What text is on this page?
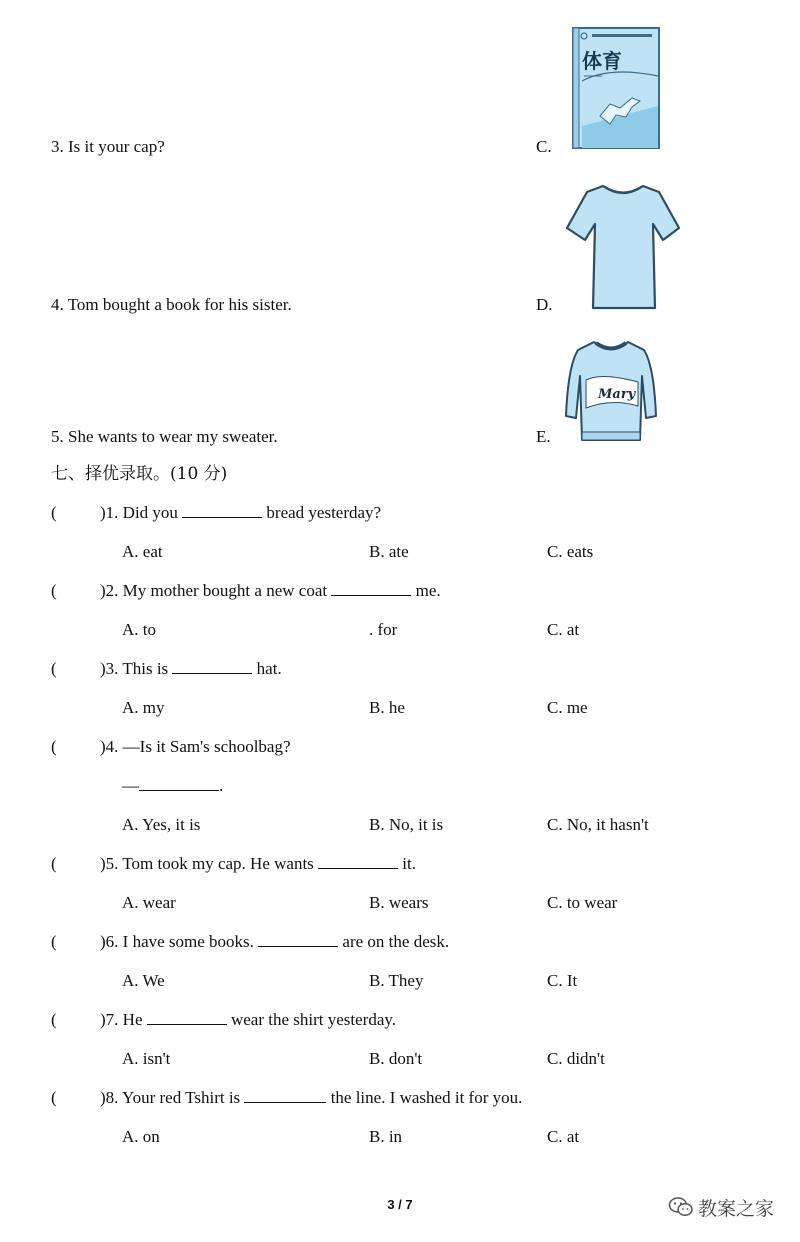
3. Is it your cap?	C.
4. Tom bought a book for his sister.	D.
5. She wants to wear my sweater.	E.
体育
Mary
七、择优录取。(10 分)
(	)1. Did you	bread yesterday?
A. eat	B. ate	C. eats
(	)2. My mother bought a new coat	me.
A. to	. for	C. at
(	)3. This is	hat.
A. my	B. he	C. me
(	)4. —Is it Sam's schoolbag?
—	.
A. Yes, it is	B. No, it is	C. No, it hasn't
(	)5. Tom took my cap. He wants	it.
A. wear	B. wears	C. to wear
(	)6. I have some books.	are on the desk.
A. We	B. They	C. It
(	)7. He	wear the shirt yesterday.
A. isn't	B. don't	C. didn't
(	)8. Your red Tshirt is	the line. I washed it for you.
A. on	B. in	C. at
3 / 7	教案之家
